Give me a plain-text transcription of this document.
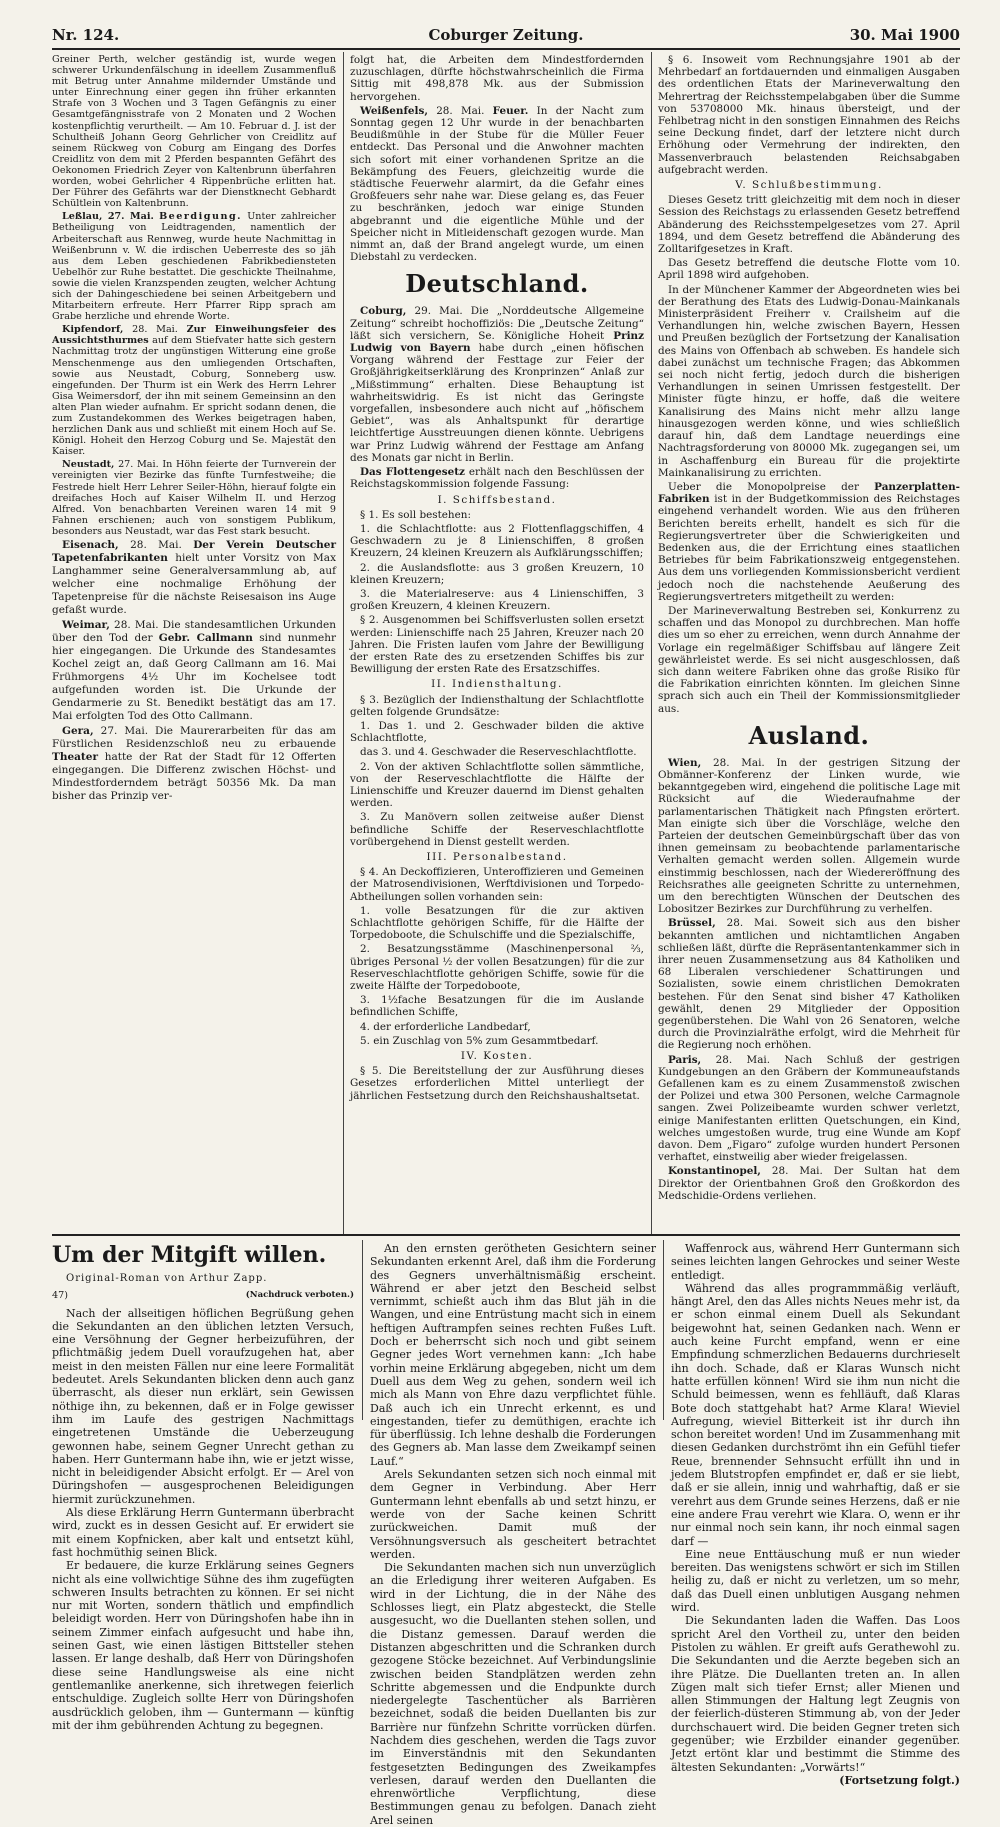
Nr. 124.	Coburger Zeitung.	30. Mai 1900

Greiner Perth, welcher geständig ist, wurde wegen schwerer Urkundenfälschung in ideellem Zusammenfluß mit Betrug unter Annahme mildernder Umstände und unter Einrechnung einer gegen ihn früher erkannten Strafe von 3 Wochen und 3 Tagen Gefängnis zu einer Gesamtgefängnisstrafe von 2 Monaten und 2 Wochen kostenpflichtig verurtheilt. — Am 10. Februar d. J. ist der Schultheiß Johann Georg Gehrlicher von Creidlitz auf seinem Rückweg von Coburg am Eingang des Dorfes Creidlitz von dem mit 2 Pferden bespannten Gefährt des Oekonomen Friedrich Zeyer von Kaltenbrunn überfahren worden, wobei Gehrlicher 4 Rippenbrüche erlitten hat. Der Führer des Gefährts war der Dienstknecht Gebhardt Schültlein von Kaltenbrunn.

Leßlau, 27. Mai. Beerdigung. Unter zahlreicher Betheiligung von Leidtragenden, namentlich der Arbeiterschaft aus Rennweg, wurde heute Nachmittag in Weißenbrunn v. W. die irdischen Ueberreste des so jäh aus dem Leben geschiedenen Fabrikbediensteten Uebelhör zur Ruhe bestattet. Die geschickte Theilnahme, sowie die vielen Kranzspenden zeugten, welcher Achtung sich der Dahingeschiedene bei seinen Arbeitgebern und Mitarbeitern erfreute. Herr Pfarrer Ripp sprach am Grabe herzliche und ehrende Worte.

Kipfendorf, 28. Mai. Zur Einweihungsfeier des Aussichtsthurmes auf dem Stiefvater hatte sich gestern Nachmittag trotz der ungünstigen Witterung eine große Menschenmenge aus den umliegenden Ortschaften, sowie aus Neustadt, Coburg, Sonneberg usw. eingefunden. Der Thurm ist ein Werk des Herrn Lehrer Gisa Weimersdorf, der ihn mit seinem Gemeinsinn an den alten Plan wieder aufnahm. Er spricht sodann denen, die zum Zustandekommen des Werkes beigetragen haben, herzlichen Dank aus und schließt mit einem Hoch auf Se. Königl. Hoheit den Herzog Coburg und Se. Majestät den Kaiser.

Neustadt, 27. Mai. In Höhn feierte der Turnverein der vereinigten vier Bezirke das fünfte Turnfestweihe; die Festrede hielt Herr Lehrer Seiler-Höhn, hierauf folgte ein dreifaches Hoch auf Kaiser Wilhelm II. und Herzog Alfred. Von benachbarten Vereinen waren 14 mit 9 Fahnen erschienen; auch von sonstigem Publikum, besonders aus Neustadt, war das Fest stark besucht.

Eisenach, 28. Mai. Der Verein Deutscher Tapetenfabrikanten hielt unter Vorsitz von Max Langhammer seine Generalversammlung ab, auf welcher eine nochmalige Erhöhung der Tapetenpreise für die nächste Reisesaison ins Auge gefaßt wurde.

Weimar, 28. Mai. Die standesamtlichen Urkunden über den Tod der Gebr. Callmann sind nunmehr hier eingegangen. Die Urkunde des Standesamtes Kochel zeigt an, daß Georg Callmann am 16. Mai Frühmorgens 4½ Uhr im Kochelsee todt aufgefunden worden ist. Die Urkunde der Gendarmerie zu St. Benedikt bestätigt das am 17. Mai erfolgten Tod des Otto Callmann.

Gera, 27. Mai. Die Maurerarbeiten für das am Fürstlichen Residenzschloß neu zu erbauende Theater hatte der Rat der Stadt für 12 Offerten eingegangen. Die Differenz zwischen Höchst- und Mindestforderndem beträgt 50356 Mk. Da man bisher das Prinzip ver-

folgt hat, die Arbeiten dem Mindestfordernden zuzuschlagen, dürfte höchstwahrscheinlich die Firma Sittig mit 498,878 Mk. aus der Submission hervorgehen.

Weißenfels, 28. Mai. Feuer. In der Nacht zum Sonntag gegen 12 Uhr wurde in der benachbarten Beudißmühle in der Stube für die Müller Feuer entdeckt. Das Personal und die Anwohner machten sich sofort mit einer vorhandenen Spritze an die Bekämpfung des Feuers, gleichzeitig wurde die städtische Feuerwehr alarmirt, da die Gefahr eines Großfeuers sehr nahe war. Diese gelang es, das Feuer zu beschränken, jedoch war einige Stunden abgebrannt und die eigentliche Mühle und der Speicher nicht in Mitleidenschaft gezogen wurde. Man nimmt an, daß der Brand angelegt wurde, um einen Diebstahl zu verdecken.

Deutschland.

Coburg, 29. Mai. Die „Norddeutsche Allgemeine Zeitung“ schreibt hochoffiziös: Die „Deutsche Zeitung“ läßt sich versichern, Se. Königliche Hoheit Prinz Ludwig von Bayern habe durch „einen höfischen Vorgang während der Festtage zur Feier der Großjährigkeitserklärung des Kronprinzen“ Anlaß zur „Mißstimmung“ erhalten. Diese Behauptung ist wahrheitswidrig. Es ist nicht das Geringste vorgefallen, insbesondere auch nicht auf „höfischem Gebiet“, was als Anhaltspunkt für derartige leichtfertige Ausstreuungen dienen könnte. Uebrigens war Prinz Ludwig während der Festtage am Anfang des Monats gar nicht in Berlin.

Das Flottengesetz erhält nach den Beschlüssen der Reichstagskommission folgende Fassung:

I. Schiffsbestand.

§ 1. Es soll bestehen:

1. die Schlachtflotte: aus 2 Flottenflaggschiffen, 4 Geschwadern zu je 8 Linienschiffen, 8 großen Kreuzern, 24 kleinen Kreuzern als Aufklärungsschiffen;

2. die Auslandsflotte: aus 3 großen Kreuzern, 10 kleinen Kreuzern;

3. die Materialreserve: aus 4 Linienschiffen, 3 großen Kreuzern, 4 kleinen Kreuzern.

§ 2. Ausgenommen bei Schiffsverlusten sollen ersetzt werden: Linienschiffe nach 25 Jahren, Kreuzer nach 20 Jahren. Die Fristen laufen vom Jahre der Bewilligung der ersten Rate des zu ersetzenden Schiffes bis zur Bewilligung der ersten Rate des Ersatzschiffes.

II. Indiensthaltung.

§ 3. Bezüglich der Indiensthaltung der Schlachtflotte gelten folgende Grundsätze:

1. Das 1. und 2. Geschwader bilden die aktive Schlachtflotte,

das 3. und 4. Geschwader die Reserveschlachtflotte.

2. Von der aktiven Schlachtflotte sollen sämmtliche, von der Reserveschlachtflotte die Hälfte der Linienschiffe und Kreuzer dauernd im Dienst gehalten werden.

3. Zu Manövern sollen zeitweise außer Dienst befindliche Schiffe der Reserveschlachtflotte vorübergehend in Dienst gestellt werden.

III. Personalbestand.

§ 4. An Deckoffizieren, Unteroffizieren und Gemeinen der Matrosendivisionen, Werftdivisionen und Torpedo-Abtheilungen sollen vorhanden sein:

1. volle Besatzungen für die zur aktiven Schlachtflotte gehörigen Schiffe, für die Hälfte der Torpedoboote, die Schulschiffe und die Spezialschiffe,

2. Besatzungsstämme (Maschinenpersonal ⅔, übriges Personal ½ der vollen Besatzungen) für die zur Reserveschlachtflotte gehörigen Schiffe, sowie für die zweite Hälfte der Torpedoboote,

3. 1½fache Besatzungen für die im Auslande befindlichen Schiffe,

4. der erforderliche Landbedarf,

5. ein Zuschlag von 5% zum Gesammtbedarf.

IV. Kosten.

§ 5. Die Bereitstellung der zur Ausführung dieses Gesetzes erforderlichen Mittel unterliegt der jährlichen Festsetzung durch den Reichshaushaltsetat.

§ 6. Insoweit vom Rechnungsjahre 1901 ab der Mehrbedarf an fortdauernden und einmaligen Ausgaben des ordentlichen Etats der Marineverwaltung den Mehrertrag der Reichsstempelabgaben über die Summe von 53708000 Mk. hinaus übersteigt, und der Fehlbetrag nicht in den sonstigen Einnahmen des Reichs seine Deckung findet, darf der letztere nicht durch Erhöhung oder Vermehrung der indirekten, den Massenverbrauch belastenden Reichsabgaben aufgebracht werden.

V. Schlußbestimmung.

Dieses Gesetz tritt gleichzeitig mit dem noch in dieser Session des Reichstags zu erlassenden Gesetz betreffend Abänderung des Reichsstempelgesetzes vom 27. April 1894, und dem Gesetz betreffend die Abänderung des Zolltarifgesetzes in Kraft.

Das Gesetz betreffend die deutsche Flotte vom 10. April 1898 wird aufgehoben.

In der Münchener Kammer der Abgeordneten wies bei der Berathung des Etats des Ludwig-Donau-Mainkanals Ministerpräsident Freiherr v. Crailsheim auf die Verhandlungen hin, welche zwischen Bayern, Hessen und Preußen bezüglich der Fortsetzung der Kanalisation des Mains von Offenbach ab schweben. Es handele sich dabei zunächst um technische Fragen; das Abkommen sei noch nicht fertig, jedoch durch die bisherigen Verhandlungen in seinen Umrissen festgestellt. Der Minister fügte hinzu, er hoffe, daß die weitere Kanalisirung des Mains nicht mehr allzu lange hinausgezogen werden könne, und wies schließlich darauf hin, daß dem Landtage neuerdings eine Nachtragsforderung von 80000 Mk. zugegangen sei, um in Aschaffenburg ein Bureau für die projektirte Mainkanalisirung zu errichten.

Ueber die Monopolpreise der Panzerplatten-Fabriken ist in der Budgetkommission des Reichstages eingehend verhandelt worden. Wie aus den früheren Berichten bereits erhellt, handelt es sich für die Regierungsvertreter über die Schwierigkeiten und Bedenken aus, die der Errichtung eines staatlichen Betriebes für beim Fabrikationszweig entgegenstehen. Aus dem uns vorliegenden Kommissionsbericht verdient jedoch noch die nachstehende Aeußerung des Regierungsvertreters mitgetheilt zu werden:

Der Marineverwaltung Bestreben sei, Konkurrenz zu schaffen und das Monopol zu durchbrechen. Man hoffe dies um so eher zu erreichen, wenn durch Annahme der Vorlage ein regelmäßiger Schiffsbau auf längere Zeit gewährleistet werde. Es sei nicht ausgeschlossen, daß sich dann weitere Fabriken ohne das große Risiko für die Fabrikation einrichten könnten. Im gleichen Sinne sprach sich auch ein Theil der Kommissionsmitglieder aus.

Ausland.

Wien, 28. Mai. In der gestrigen Sitzung der Obmänner-Konferenz der Linken wurde, wie bekanntgegeben wird, eingehend die politische Lage mit Rücksicht auf die Wiederaufnahme der parlamentarischen Thätigkeit nach Pfingsten erörtert. Man einigte sich über die Vorschläge, welche den Parteien der deutschen Gemeinbürgschaft über das von ihnen gemeinsam zu beobachtende parlamentarische Verhalten gemacht werden sollen. Allgemein wurde einstimmig beschlossen, nach der Wiedereröffnung des Reichsrathes alle geeigneten Schritte zu unternehmen, um den berechtigten Wünschen der Deutschen des Lobositzer Bezirkes zur Durchführung zu verhelfen.

Brüssel, 28. Mai. Soweit sich aus den bisher bekannten amtlichen und nichtamtlichen Angaben schließen läßt, dürfte die Repräsentantenkammer sich in ihrer neuen Zusammensetzung aus 84 Katholiken und 68 Liberalen verschiedener Schattirungen und Sozialisten, sowie einem christlichen Demokraten bestehen. Für den Senat sind bisher 47 Katholiken gewählt, denen 29 Mitglieder der Opposition gegenüberstehen. Die Wahl von 26 Senatoren, welche durch die Provinzialräthe erfolgt, wird die Mehrheit für die Regierung noch erhöhen.

Paris, 28. Mai. Nach Schluß der gestrigen Kundgebungen an den Gräbern der Kommuneaufstands Gefallenen kam es zu einem Zusammenstoß zwischen der Polizei und etwa 300 Personen, welche Carmagnole sangen. Zwei Polizeibeamte wurden schwer verletzt, einige Manifestanten erlitten Quetschungen, ein Kind, welches umgestoßen wurde, trug eine Wunde am Kopf davon. Dem „Figaro“ zufolge wurden hundert Personen verhaftet, einstweilig aber wieder freigelassen.

Konstantinopel, 28. Mai. Der Sultan hat dem Direktor der Orientbahnen Groß den Großkordon des Medschidie-Ordens verliehen.

Um der Mitgift willen.
Original-Roman von Arthur Zapp.
47)	(Nachdruck verboten.)

Nach der allseitigen höflichen Begrüßung gehen die Sekundanten an den üblichen letzten Versuch, eine Versöhnung der Gegner herbeizuführen, der pflichtmäßig jedem Duell voraufzugehen hat, aber meist in den meisten Fällen nur eine leere Formalität bedeutet. Arels Sekundanten blicken denn auch ganz überrascht, als dieser nun erklärt, sein Gewissen nöthige ihn, zu bekennen, daß er in Folge gewisser ihm im Laufe des gestrigen Nachmittags eingetretenen Umstände die Ueberzeugung gewonnen habe, seinem Gegner Unrecht gethan zu haben. Herr Guntermann habe ihn, wie er jetzt wisse, nicht in beleidigender Absicht erfolgt. Er — Arel von Düringshofen — ausgesprochenen Beleidigungen hiermit zurückzunehmen.

Als diese Erklärung Herrn Guntermann überbracht wird, zuckt es in dessen Gesicht auf. Er erwidert sie mit einem Kopfnicken, aber kalt und entsetzt kühl, fast hochmüthig seinen Blick.

Er bedauere, die kurze Erklärung seines Gegners nicht als eine vollwichtige Sühne des ihm zugefügten schweren Insults betrachten zu können. Er sei nicht nur mit Worten, sondern thätlich und empfindlich beleidigt worden. Herr von Düringshofen habe ihn in seinem Zimmer einfach aufgesucht und habe ihn, seinen Gast, wie einen lästigen Bittsteller stehen lassen. Er lange deshalb, daß Herr von Düringshofen diese seine Handlungsweise als eine nicht gentlemanlike anerkenne, sich ihretwegen feierlich entschuldige. Zugleich sollte Herr von Düringshofen ausdrücklich geloben, ihm — Guntermann — künftig mit der ihm gebührenden Achtung zu begegnen.

An den ernsten gerötheten Gesichtern seiner Sekundanten erkennt Arel, daß ihm die Forderung des Gegners unverhältnismäßig erscheint. Während er aber jetzt den Bescheid selbst vernimmt, schießt auch ihm das Blut jäh in die Wangen, und eine Entrüstung macht sich in einem heftigen Auftrampfen seines rechten Fußes Luft. Doch er beherrscht sich noch und gibt seinem Gegner jedes Wort vernehmen kann: „Ich habe vorhin meine Erklärung abgegeben, nicht um dem Duell aus dem Weg zu gehen, sondern weil ich mich als Mann von Ehre dazu verpflichtet fühle. Daß auch ich ein Unrecht erkennt, es und eingestanden, tiefer zu demüthigen, erachte ich für überflüssig. Ich lehne deshalb die Forderungen des Gegners ab. Man lasse dem Zweikampf seinen Lauf.“

Arels Sekundanten setzen sich noch einmal mit dem Gegner in Verbindung. Aber Herr Guntermann lehnt ebenfalls ab und setzt hinzu, er werde von der Sache keinen Schritt zurückweichen. Damit muß der Versöhnungsversuch als gescheitert betrachtet werden.

Die Sekundanten machen sich nun unverzüglich an die Erledigung ihrer weiteren Aufgaben. Es wird in der Lichtung, die in der Nähe des Schlosses liegt, ein Platz abgesteckt, die Stelle ausgesucht, wo die Duellanten stehen sollen, und die Distanz gemessen. Darauf werden die Distanzen abgeschritten und die Schranken durch gezogene Stöcke bezeichnet. Auf Verbindungslinie zwischen beiden Standplätzen werden zehn Schritte abgemessen und die Endpunkte durch niedergelegte Taschentücher als Barrièren bezeichnet, sodaß die beiden Duellanten bis zur Barrière nur fünfzehn Schritte vorrücken dürfen. Nachdem dies geschehen, werden die Tags zuvor im Einverständnis mit den Sekundanten festgesetzten Bedingungen des Zweikampfes verlesen, darauf werden den Duellanten die ehrenwörtliche Verpflichtung, diese Bestimmungen genau zu befolgen. Danach zieht Arel seinen

Waffenrock aus, während Herr Guntermann sich seines leichten langen Gehrockes und seiner Weste entledigt.

Während das alles programmmäßig verläuft, hängt Arel, den das Alles nichts Neues mehr ist, da er schon einmal einem Duell als Sekundant beigewohnt hat, seinen Gedanken nach. Wenn er auch keine Furcht empfand, wenn er eine Empfindung schmerzlichen Bedauerns durchrieselt ihn doch. Schade, daß er Klaras Wunsch nicht hatte erfüllen können! Wird sie ihm nun nicht die Schuld beimessen, wenn es fehlläuft, daß Klaras Bote doch stattgehabt hat? Arme Klara! Wieviel Aufregung, wieviel Bitterkeit ist ihr durch ihn schon bereitet worden! Und im Zusammenhang mit diesen Gedanken durchströmt ihn ein Gefühl tiefer Reue, brennender Sehnsucht erfüllt ihn und in jedem Blutstropfen empfindet er, daß er sie liebt, daß er sie allein, innig und wahrhaftig, daß er sie verehrt aus dem Grunde seines Herzens, daß er nie eine andere Frau verehrt wie Klara. O, wenn er ihr nur einmal noch sein kann, ihr noch einmal sagen darf —

Eine neue Enttäuschung muß er nun wieder bereiten. Das wenigstens schwört er sich im Stillen heilig zu, daß er nicht zu verletzen, um so mehr, daß das Duell einen unblutigen Ausgang nehmen wird.

Die Sekundanten laden die Waffen. Das Loos spricht Arel den Vortheil zu, unter den beiden Pistolen zu wählen. Er greift aufs Gerathewohl zu. Die Sekundanten und die Aerzte begeben sich an ihre Plätze. Die Duellanten treten an. In allen Zügen malt sich tiefer Ernst; aller Mienen und allen Stimmungen der Haltung legt Zeugnis von der feierlich-düsteren Stimmung ab, von der Jeder durchschauert wird. Die beiden Gegner treten sich gegenüber; wie Erzbilder einander gegenüber. Jetzt ertönt klar und bestimmt die Stimme des ältesten Sekundanten: „Vorwärts!“

(Fortsetzung folgt.)
